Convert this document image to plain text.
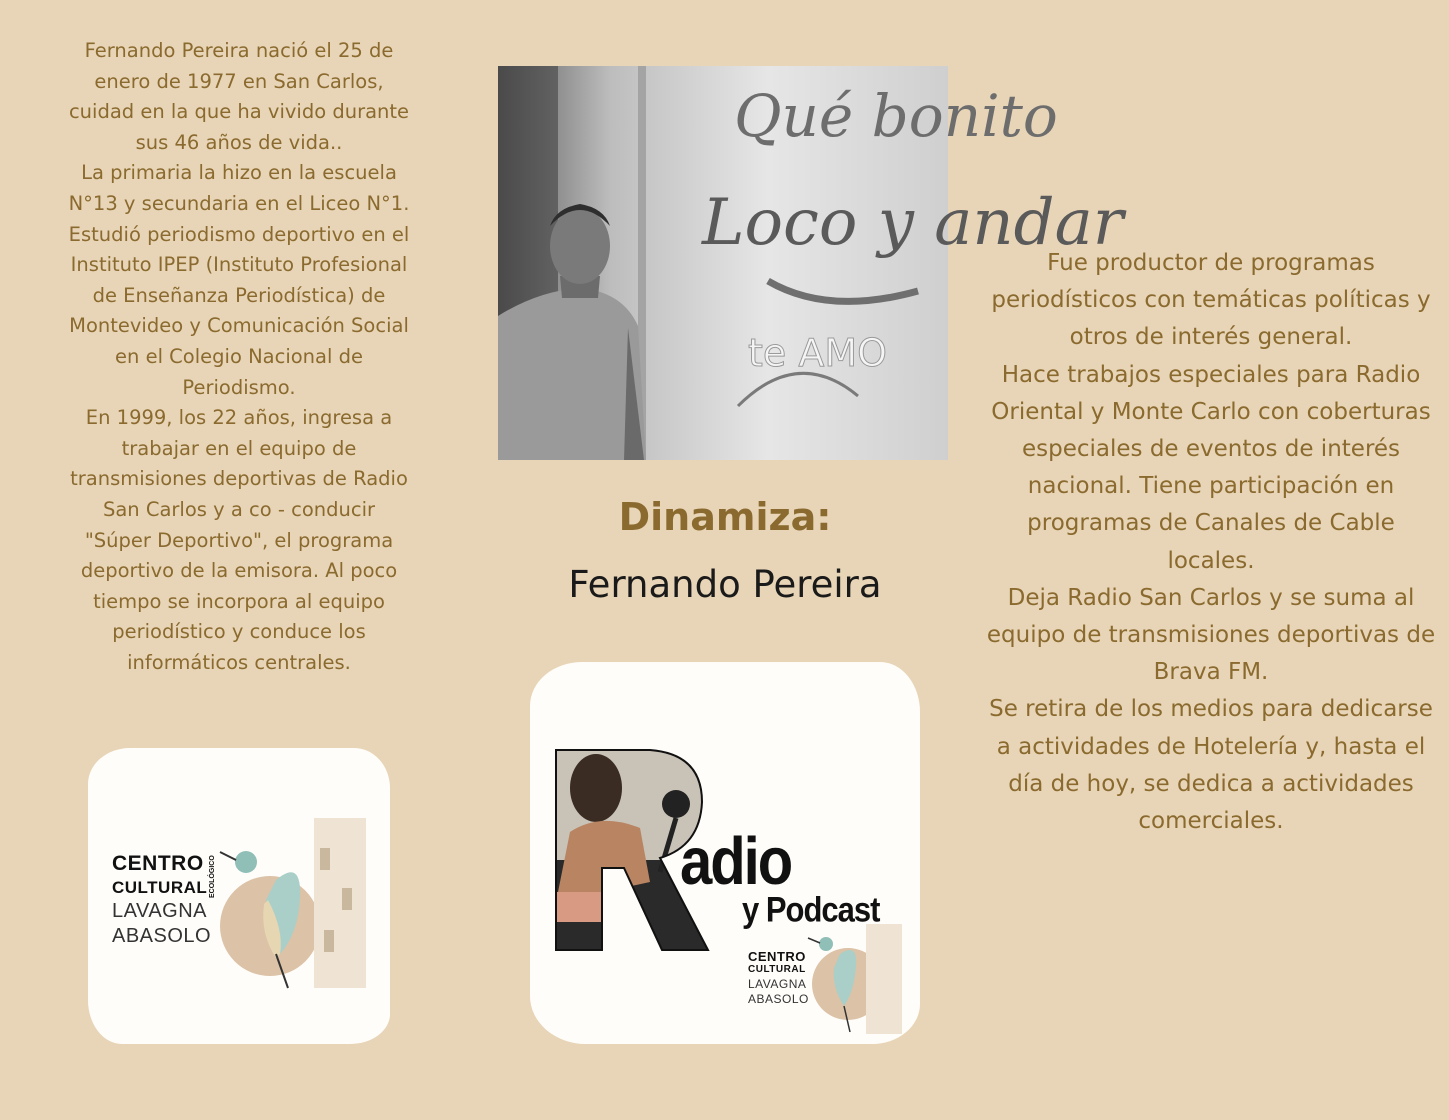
Fernando Pereira nació el 25 de
enero de 1977 en San Carlos,
cuidad en la que ha vivido durante
sus 46 años de vida..
La primaria la hizo en la escuela
N°13 y secundaria en el Liceo N°1.
Estudió periodismo deportivo en el
Instituto IPEP (Instituto Profesional
de Enseñanza Periodística) de
Montevideo y Comunicación Social
en el Colegio Nacional de
Periodismo.
En 1999, los 22 años, ingresa a
trabajar en el equipo de
transmisiones deportivas de Radio
San Carlos y a co - conducir
"Súper Deportivo", el programa
deportivo de la emisora. Al poco
tiempo se incorpora al equipo
periodístico y conduce los
informáticos centrales.
Qué bonito
Loco y andar
te AMO
Dinamiza:
Fernando Pereira
Fue productor de programas
periodísticos con temáticas políticas y
otros de interés general.
Hace trabajos especiales para Radio
Oriental y Monte Carlo con coberturas
especiales de eventos de interés
nacional. Tiene participación en
programas de Canales de Cable
locales.
Deja Radio San Carlos y se suma al
equipo de transmisiones deportivas de
Brava FM.
Se retira de los medios para dedicarse
a actividades de Hotelería y, hasta el
día de hoy, se dedica a actividades
comerciales.
CENTRO
CULTURAL
LAVAGNA
ABASOLO
ECOLÓGICO	adio
y Podcast
CENTRO
CULTURAL
LAVAGNA
ABASOLO
